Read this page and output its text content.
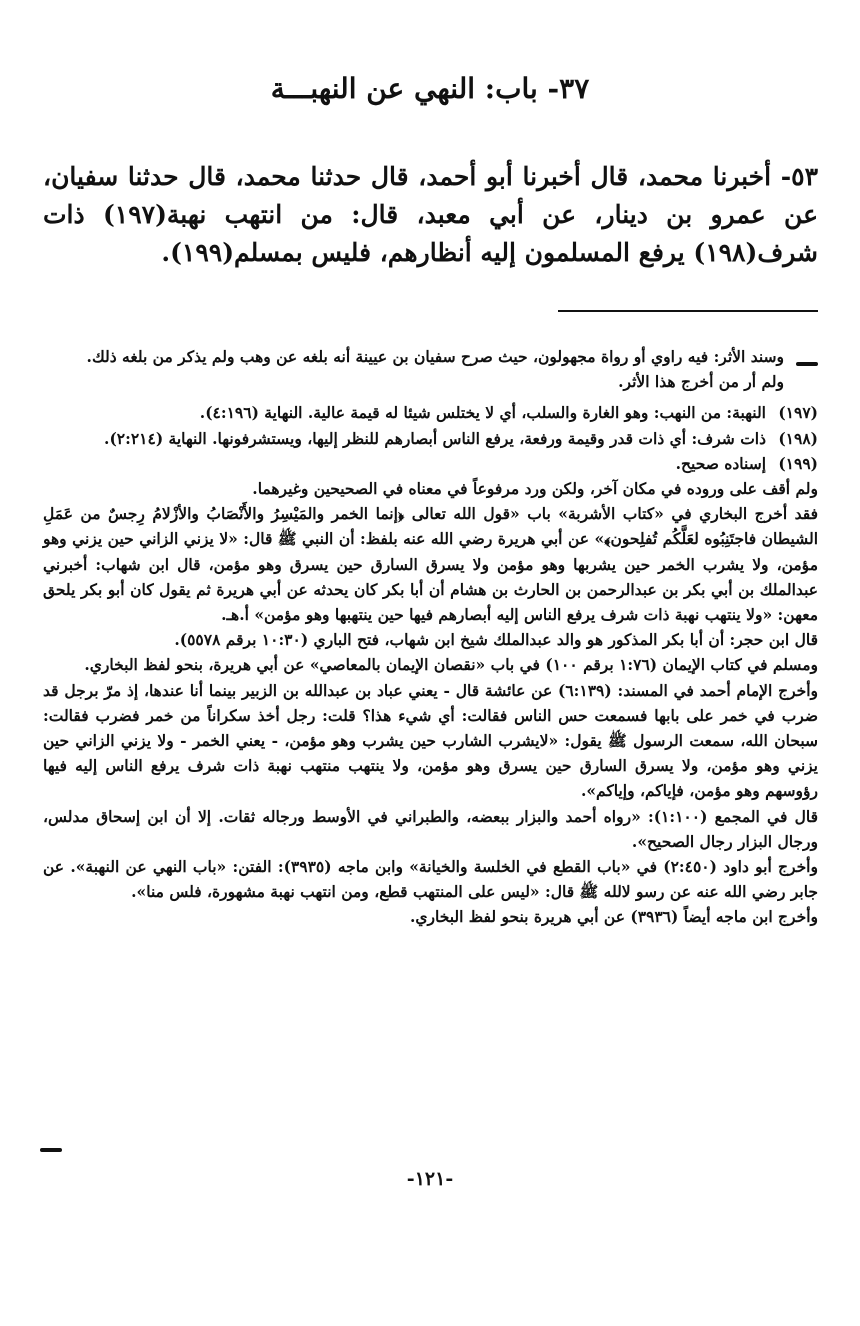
٣٧- باب: النهي عن النهبـــة
٥٣- أخبرنا محمد، قال أخبرنا أبو أحمد، قال حدثنا محمد، قال حدثنا سفيان، عن عمرو بن دينار، عن أبي معبد، قال: من انتهب نهبة(١٩٧) ذات شرف(١٩٨) يرفع المسلمون إليه أنظارهم، فليس بمسلم(١٩٩).

وسند الأثر: فيه راوي أو رواة مجهولون، حيث صرح سفيان بن عيينة أنه بلغه عن وهب ولم يذكر من بلغه ذلك.

ولم أر من أخرج هذا الأثر.

(١٩٧)
النهبة: من النهب: وهو الغارة والسلب، أي لا يختلس شيئا له قيمة عالية. النهاية (٤:١٩٦).
(١٩٨)
ذات شرف: أي ذات قدر وقيمة ورفعة، يرفع الناس أبصارهم للنظر إليها، ويستشرفونها. النهاية (٢:٢١٤).
(١٩٩)
إسناده صحيح.

ولم أقف على وروده في مكان آخر، ولكن ورد مرفوعاً في معناه في الصحيحين وغيرهما.

فقد أخرج البخاري في «كتاب الأشربة» باب «قول الله تعالى ﴿إنما الخمر والمَيْسِرُ والأَنْصَابُ والأزْلامُ رِجسٌ من عَمَلِ الشيطان فاجتَنِبُوه لعَلَّكُم تُفلِحون﴾» عن أبي هريرة رضي الله عنه بلفظ: أن النبي ﷺ قال: «لا يزني الزاني حين يزني وهو مؤمن، ولا يشرب الخمر حين يشربها وهو مؤمن ولا يسرق السارق حين يسرق وهو مؤمن، قال ابن شهاب: أخبرني عبدالملك بن أبي بكر بن عبدالرحمن بن الحارث بن هشام أن أبا بكر كان يحدثه عن أبي هريرة ثم يقول كان أبو بكر يلحق معهن: «ولا ينتهب نهبة ذات شرف يرفع الناس إليه أبصارهم فيها حين ينتهبها وهو مؤمن» أ.هـ.

قال ابن حجر: أن أبا بكر المذكور هو والد عبدالملك شيخ ابن شهاب، فتح الباري (١٠:٣٠ برقم ٥٥٧٨).

ومسلم في كتاب الإيمان (١:٧٦ برقم ١٠٠) في باب «نقصان الإيمان بالمعاصي» عن أبي هريرة، بنحو لفظ البخاري.

وأخرج الإمام أحمد في المسند: (٦:١٣٩) عن عائشة قال - يعني عباد بن عبدالله بن الزبير بينما أنا عندها، إذ مرّ برجل قد ضرب في خمر على بابها فسمعت حس الناس فقالت: أي شيء هذا؟ قلت: رجل أخذ سكراناً من خمر فضرب فقالت: سبحان الله، سمعت الرسول ﷺ يقول: «لايشرب الشارب حين يشرب وهو مؤمن، - يعني الخمر - ولا يزني الزاني حين يزني وهو مؤمن، ولا يسرق السارق حين يسرق وهو مؤمن، ولا ينتهب منتهب نهبة ذات شرف يرفع الناس إليه فيها رؤوسهم وهو مؤمن، فإياكم، وإياكم».

قال في المجمع (١:١٠٠): «رواه أحمد والبزار ببعضه، والطبراني في الأوسط ورجاله ثقات. إلا أن ابن إسحاق مدلس، ورجال البزار رجال الصحيح».

وأخرج أبو داود (٢:٤٥٠) في «باب القطع في الخلسة والخيانة» وابن ماجه (٣٩٣٥): الفتن: «باب النهي عن النهبة». عن جابر رضي الله عنه عن رسو لالله ﷺ قال: «ليس على المنتهب قطع، ومن انتهب نهبة مشهورة، فلس منا».

وأخرج ابن ماجه أيضاً (٣٩٣٦) عن أبي هريرة بنحو لفظ البخاري.

-١٢١-
